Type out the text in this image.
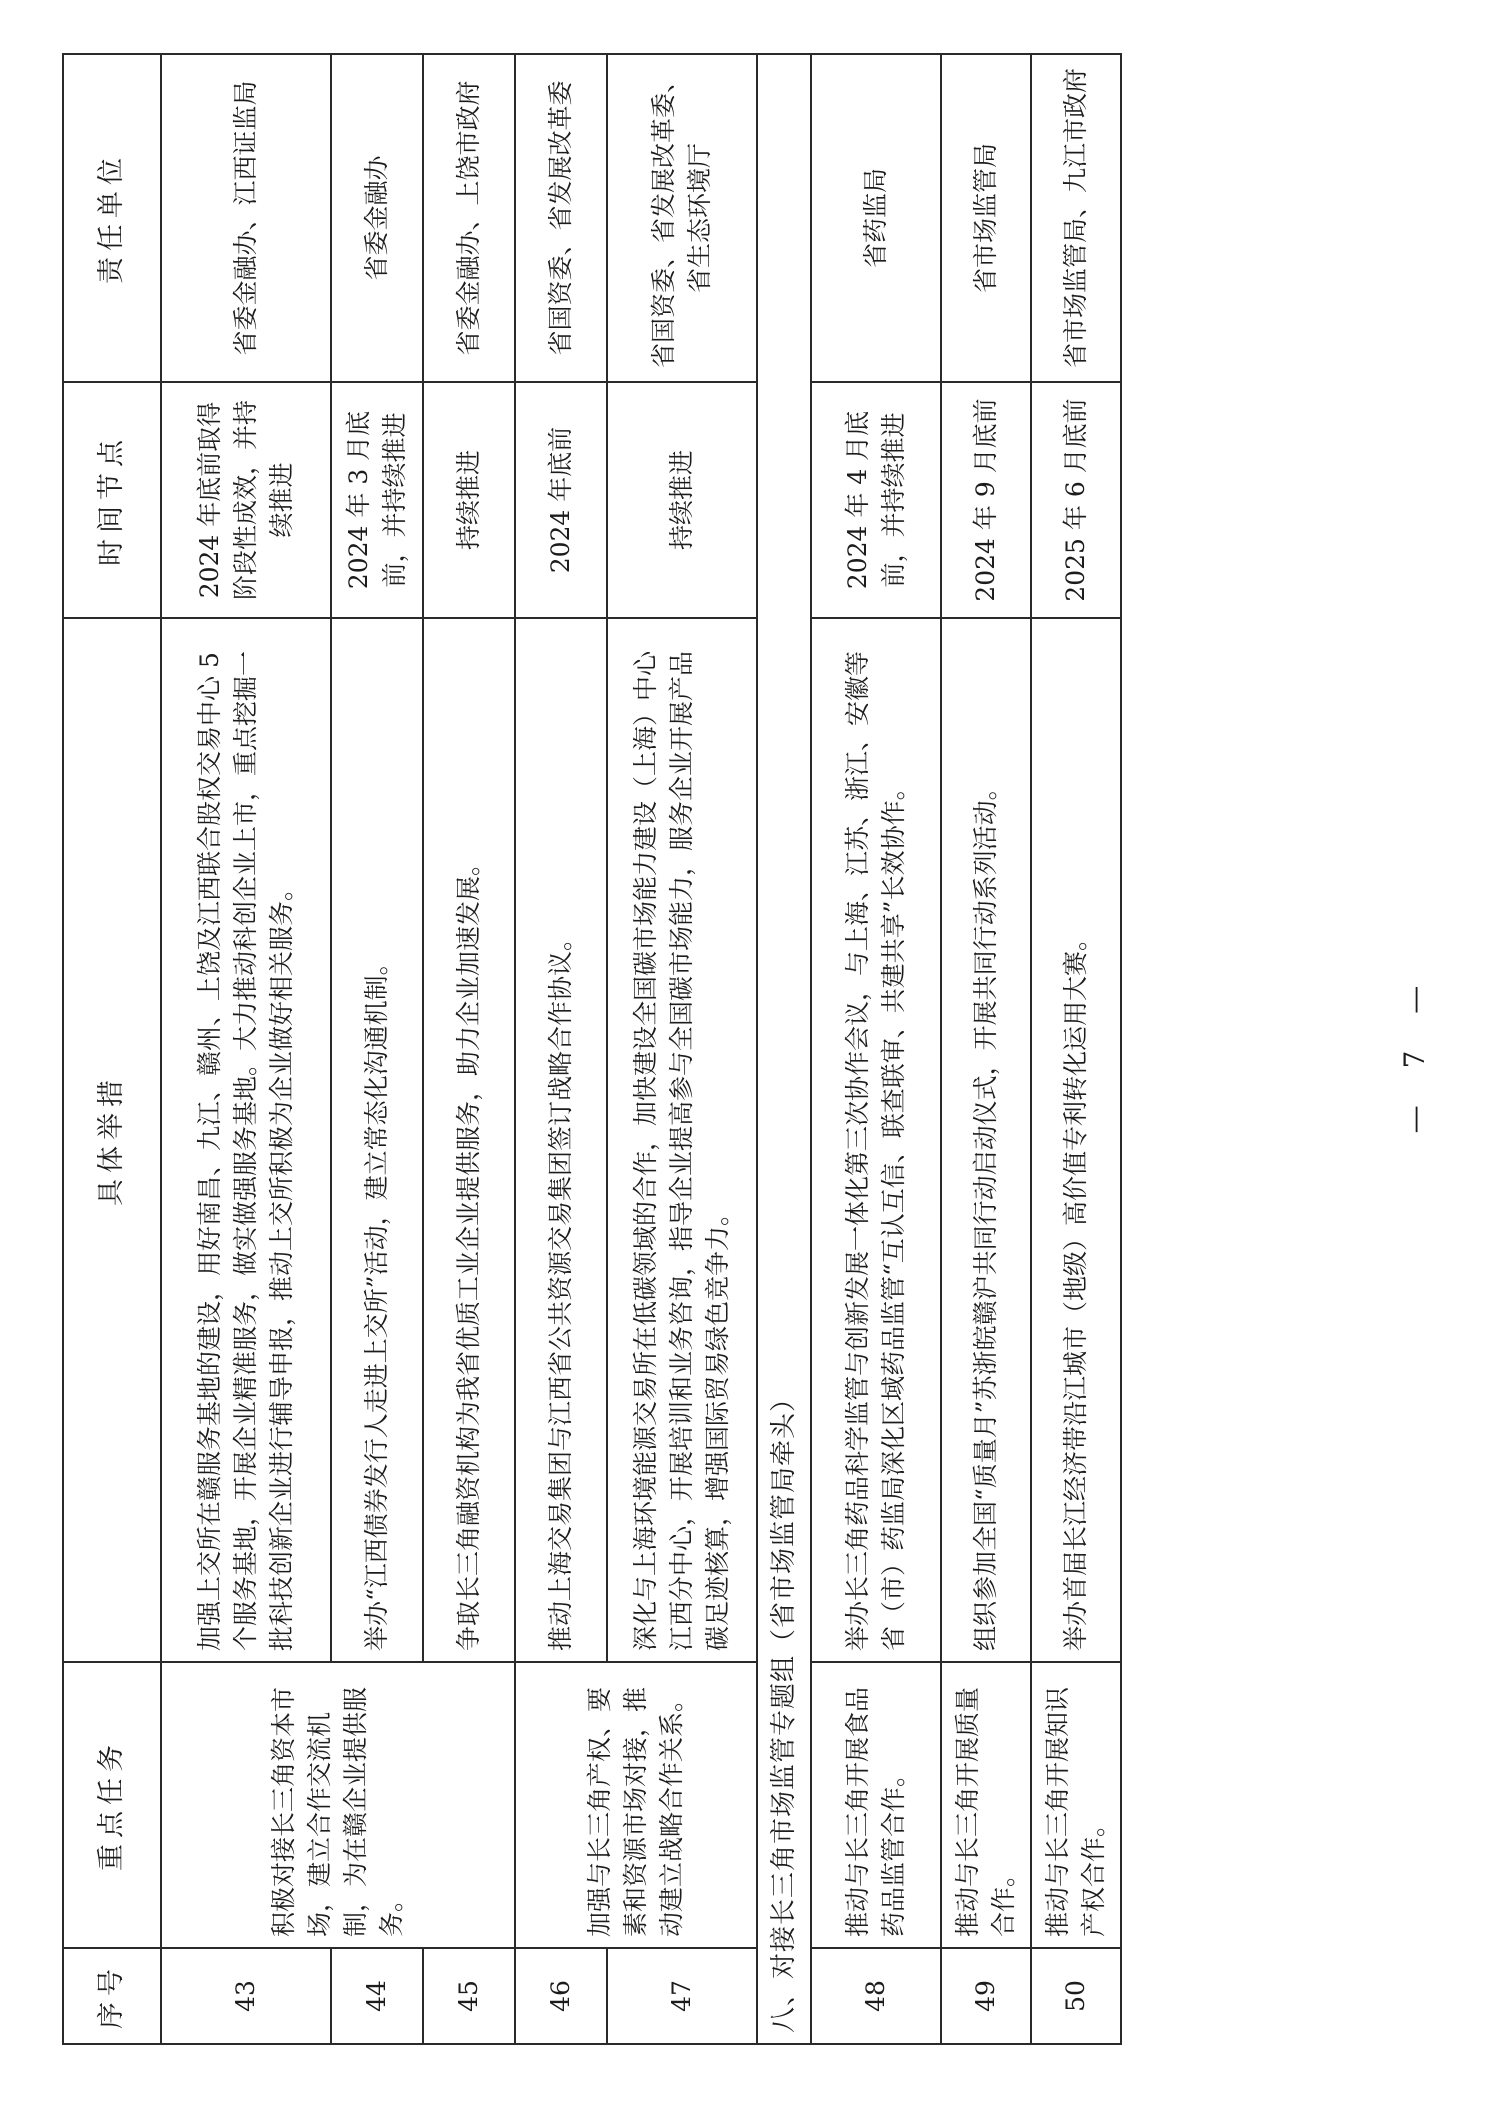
序号	重点任务	具体举措	时间节点	责任单位
43	积极对接长三角资本市场，建立合作交流机制，为在赣企业提供服务。	加强上交所在赣服务基地的建设，用好南昌、九江、赣州、上饶及江西联合股权交易中心 5 个服务基地，开展企业精准服务，做实做强服务基地。大力推动科创企业上市，重点挖掘一批科技创新企业进行辅导申报，推动上交所积极为企业做好相关服务。	2024 年底前取得阶段性成效，并持续推进	省委金融办、江西证监局
44		举办“江西债券发行人走进上交所”活动，建立常态化沟通机制。	2024 年 3 月底前，并持续推进	省委金融办
45		争取长三角融资机构为我省优质工业企业提供服务，助力企业加速发展。	持续推进	省委金融办、上饶市政府
46	加强与长三角产权、要素和资源市场对接，推动建立战略合作关系。	推动上海交易集团与江西省公共资源交易集团签订战略合作协议。	2024 年底前	省国资委、省发展改革委
47		深化与上海环境能源交易所在低碳领域的合作，加快建设全国碳市场能力建设（上海）中心江西分中心，开展培训和业务咨询，指导企业提高参与全国碳市场能力，服务企业开展产品碳足迹核算，增强国际贸易绿色竞争力。	持续推进	省国资委、省发展改革委、省生态环境厅
八、对接长三角市场监管专题组（省市场监管局牵头）				
48	推动与长三角开展食品药品监管合作。	举办长三角药品科学监管与创新发展一体化第三次协作会议，与上海、江苏、浙江、安徽等省（市）药监局深化区域药品监管“互认互信、联查联审、共建共享”长效协作。	2024 年 4 月底前，并持续推进	省药监局
49	推动与长三角开展质量合作。	组织参加全国“质量月”苏浙皖赣沪共同行动启动仪式，开展共同行动系列活动。	2024 年 9 月底前	省市场监管局
50	推动与长三角开展知识产权合作。	举办首届长江经济带沿江城市（地级）高价值专利转化运用大赛。	2025 年 6 月底前	省市场监管局、九江市政府
— 7 —
